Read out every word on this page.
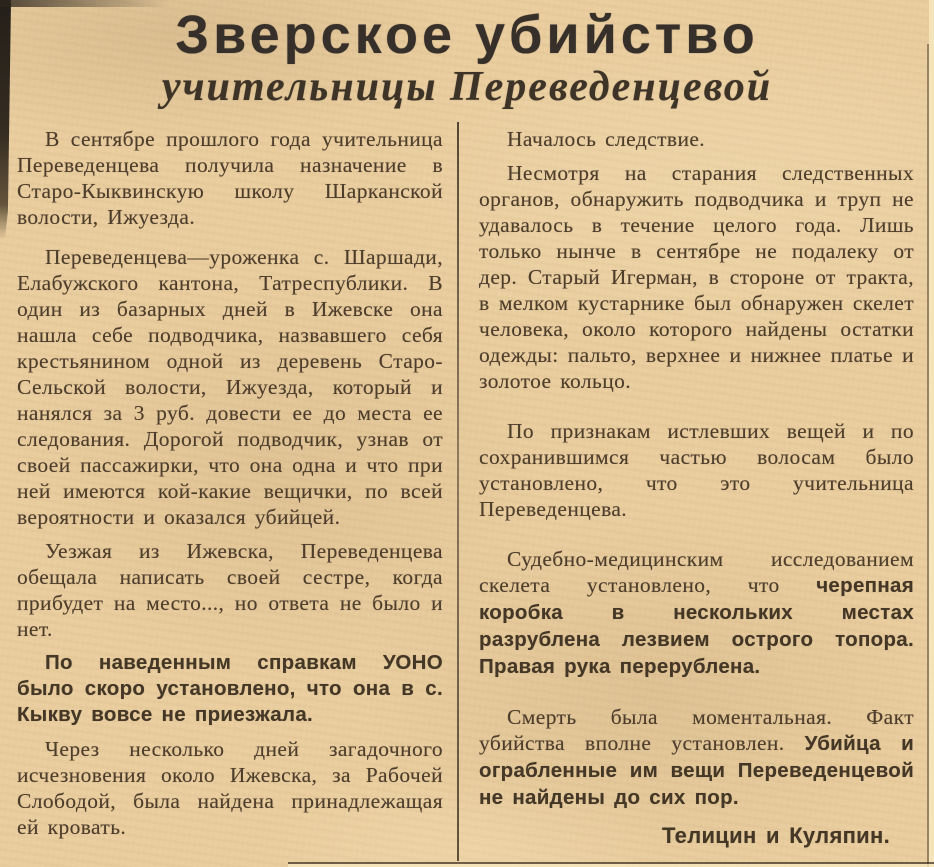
Зверское убийство
учительницы Переведенцевой

В сентябре прошлого года учительница Переведенцева получила назначение в Старо-Кыквинскую школу Шарканской волости, Ижуезда.

Переведенцева—уроженка с. Шаршади, Елабужского кантона, Татреспублики. В один из базарных дней в Ижевске она нашла себе подводчика, назвавшего себя крестьянином одной из деревень Старо-Сельской волости, Ижуезда, который и нанялся за 3 руб. довести ее до места ее следования. Дорогой подводчик, узнав от своей пассажирки, что она одна и что при ней имеются кой-какие вещички, по всей вероятности и оказался убийцей.

Уезжая из Ижевска, Переведенцева обещала написать своей сестре, когда прибудет на место..., но ответа не было и нет.

По наведенным справкам УОНО было скоро установлено, что она в с. Кыкву вовсе не приезжала.

Через несколько дней загадочного исчезновения около Ижевска, за Рабочей Слободой, была найдена принадлежащая ей кровать.

Началось следствие.

Несмотря на старания следственных органов, обнаружить подводчика и труп не удавалось в течение целого года. Лишь только нынче в сентябре не подалеку от дер. Старый Игерман, в стороне от тракта, в мелком кустарнике был обнаружен скелет человека, около которого найдены остатки одежды: пальто, верхнее и нижнее платье и золотое кольцо.

По признакам истлевших вещей и по сохранившимся частью волосам было установлено, что это учительница Переведенцева.

Судебно-медицинским исследованием скелета установлено, что черепная коробка в нескольких местах разрублена лезвием острого топора. Правая рука перерублена.

Смерть была моментальная. Факт убийства вполне установлен. Убийца и ограбленные им вещи Переведенцевой не найдены до сих пор.

Телицин и Куляпин.
